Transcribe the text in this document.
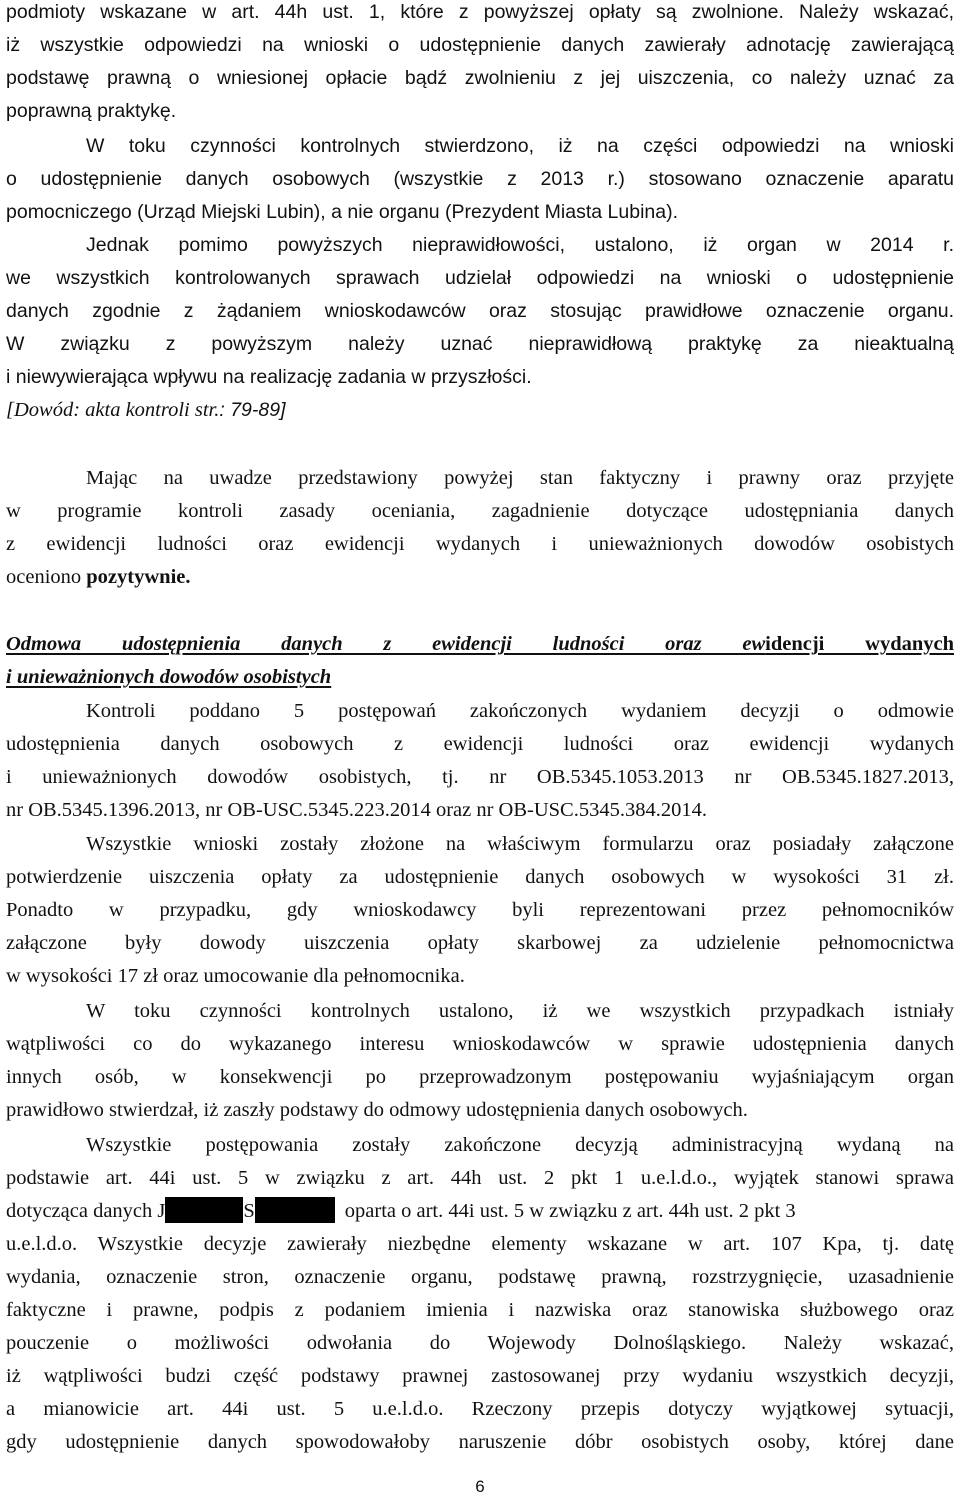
podmioty wskazane w art. 44h ust. 1, które z powyższej opłaty są zwolnione. Należy wskazać,
iż wszystkie odpowiedzi na wnioski o udostępnienie danych zawierały adnotację zawierającą
podstawę prawną o wniesionej opłacie bądź zwolnieniu z jej uiszczenia, co należy uznać za
poprawną praktykę.
W toku czynności kontrolnych stwierdzono, iż na części odpowiedzi na wnioski
o udostępnienie danych osobowych (wszystkie z 2013 r.) stosowano oznaczenie aparatu
pomocniczego (Urząd Miejski Lubin), a nie organu (Prezydent Miasta Lubina).
Jednak pomimo powyższych nieprawidłowości, ustalono, iż organ w 2014 r.
we wszystkich kontrolowanych sprawach udzielał odpowiedzi na wnioski o udostępnienie
danych zgodnie z żądaniem wnioskodawców oraz stosując prawidłowe oznaczenie organu.
W związku z powyższym należy uznać nieprawidłową praktykę za nieaktualną
i niewywierająca wpływu na realizację zadania w przyszłości.
[Dowód: akta kontroli str.: 79-89]
Mając na uwadze przedstawiony powyżej stan faktyczny i prawny oraz przyjęte
w programie kontroli zasady oceniania, zagadnienie dotyczące udostępniania danych
z ewidencji ludności oraz ewidencji wydanych i unieważnionych dowodów osobistych
oceniono pozytywnie.
Odmowa udostępnienia danych z ewidencji ludności oraz ewidencji wydanych
i unieważnionych dowodów osobistych
Kontroli poddano 5 postępowań zakończonych wydaniem decyzji o odmowie
udostępnienia danych osobowych z ewidencji ludności oraz ewidencji wydanych
i unieważnionych dowodów osobistych, tj. nr OB.5345.1053.2013 nr OB.5345.1827.2013,
nr OB.5345.1396.2013, nr OB-USC.5345.223.2014 oraz nr OB-USC.5345.384.2014.
Wszystkie wnioski zostały złożone na właściwym formularzu oraz posiadały załączone
potwierdzenie uiszczenia opłaty za udostępnienie danych osobowych w wysokości 31 zł.
Ponadto w przypadku, gdy wnioskodawcy byli reprezentowani przez pełnomocników
załączone były dowody uiszczenia opłaty skarbowej za udzielenie pełnomocnictwa
w wysokości 17 zł oraz umocowanie dla pełnomocnika.
W toku czynności kontrolnych ustalono, iż we wszystkich przypadkach istniały
wątpliwości co do wykazanego interesu wnioskodawców w sprawie udostępnienia danych
innych osób, w konsekwencji po przeprowadzonym postępowaniu wyjaśniającym organ
prawidłowo stwierdzał, iż zaszły podstawy do odmowy udostępnienia danych osobowych.
Wszystkie postępowania zostały zakończone decyzją administracyjną wydaną na
podstawie art. 44i ust. 5 w związku z art. 44h ust. 2 pkt 1 u.e.l.d.o., wyjątek stanowi sprawa
dotycząca danych J	S	oparta o art. 44i ust. 5 w związku z art. 44h ust. 2 pkt 3
u.e.l.d.o. Wszystkie decyzje zawierały niezbędne elementy wskazane w art. 107 Kpa, tj. datę
wydania, oznaczenie stron, oznaczenie organu, podstawę prawną, rozstrzygnięcie, uzasadnienie
faktyczne i prawne, podpis z podaniem imienia i nazwiska oraz stanowiska służbowego oraz
pouczenie o możliwości odwołania do Wojewody Dolnośląskiego. Należy wskazać,
iż wątpliwości budzi część podstawy prawnej zastosowanej przy wydaniu wszystkich decyzji,
a mianowicie art. 44i ust. 5 u.e.l.d.o. Rzeczony przepis dotyczy wyjątkowej sytuacji,
gdy udostępnienie danych spowodowałoby naruszenie dóbr osobistych osoby, której dane
6
